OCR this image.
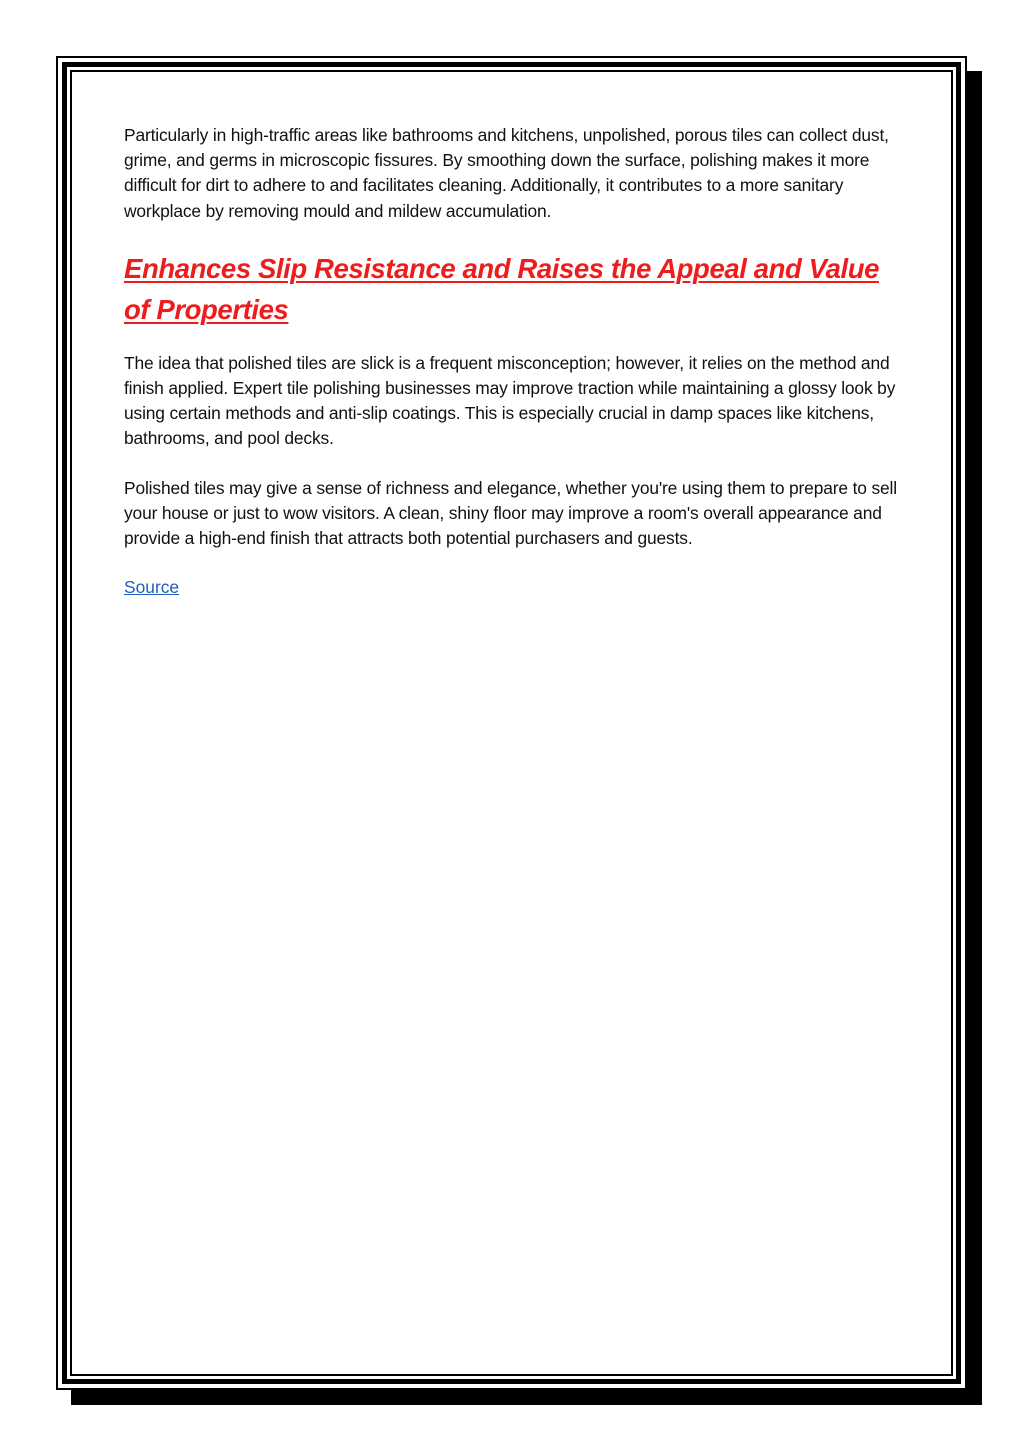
Particularly in high-traffic areas like bathrooms and kitchens, unpolished, porous tiles can collect dust, grime, and germs in microscopic fissures. By smoothing down the surface, polishing makes it more difficult for dirt to adhere to and facilitates cleaning. Additionally, it contributes to a more sanitary workplace by removing mould and mildew accumulation.

Enhances Slip Resistance and Raises the Appeal and Value of Properties

The idea that polished tiles are slick is a frequent misconception; however, it relies on the method and finish applied. Expert tile polishing businesses may improve traction while maintaining a glossy look by using certain methods and anti-slip coatings. This is especially crucial in damp spaces like kitchens, bathrooms, and pool decks.

Polished tiles may give a sense of richness and elegance, whether you're using them to prepare to sell your house or just to wow visitors. A clean, shiny floor may improve a room's overall appearance and provide a high-end finish that attracts both potential purchasers and guests.

Source
